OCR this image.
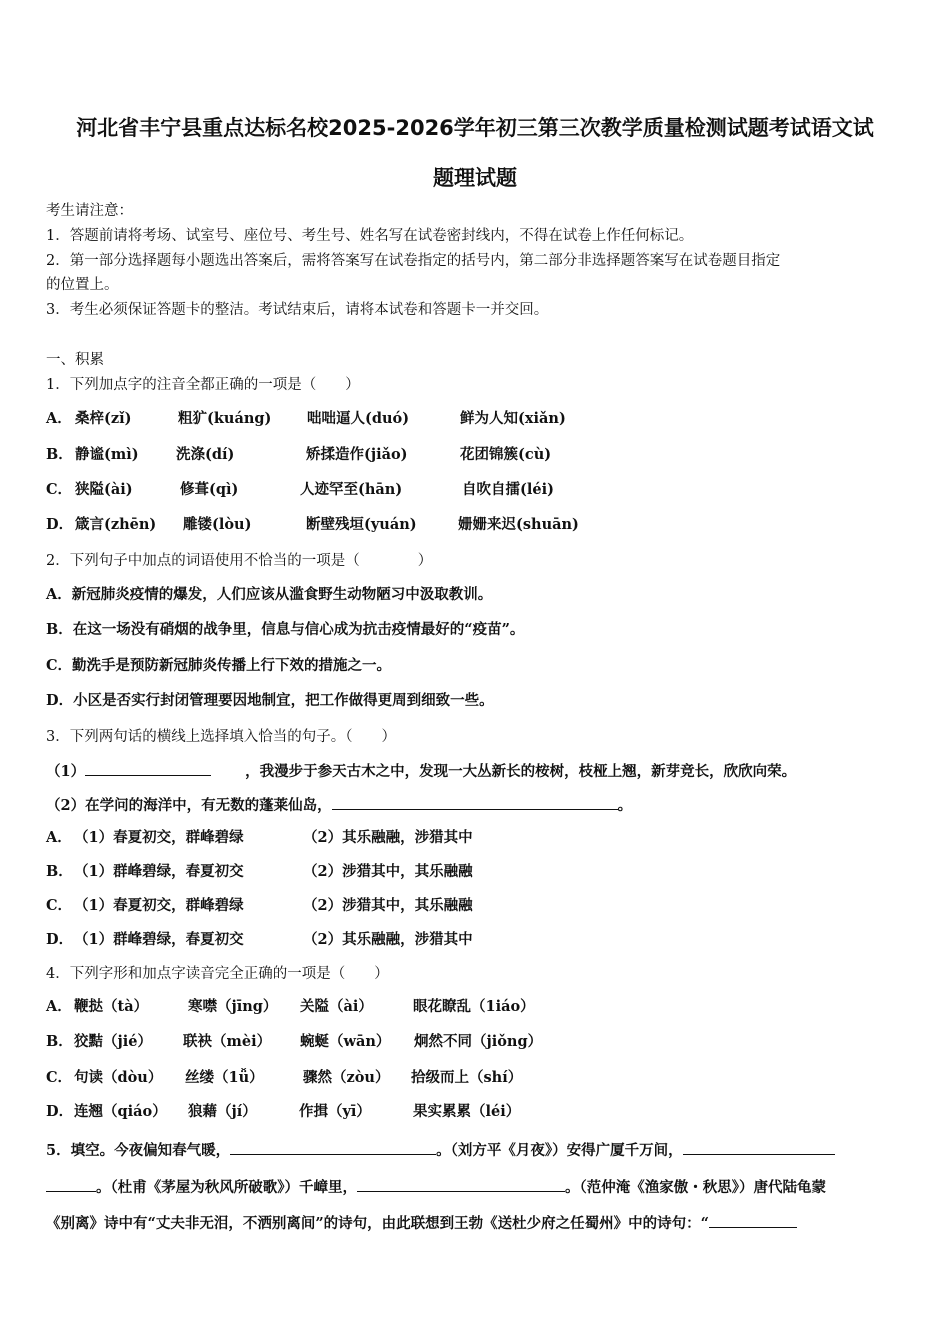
河北省丰宁县重点达标名校2025-2026学年初三第三次教学质量检测试题考试语文试
题理试题
考生请注意：
1．答题前请将考场、试室号、座位号、考生号、姓名写在试卷密封线内，不得在试卷上作任何标记。
2．第一部分选择题每小题选出答案后，需将答案写在试卷指定的括号内，第二部分非选择题答案写在试卷题目指定
的位置上。
3．考生必须保证答题卡的整洁。考试结束后，请将本试卷和答题卡一并交回。
一、积累
1．下列加点字的注音全都正确的一项是（　　）
A． 桑梓(zǐ)	粗犷(kuáng) 咄咄逼人(duó)	鲜为人知(xiǎn)
B． 静谧(mì)	洗涤(dí)	矫揉造作(jiǎo)	花团锦簇(cù)
C． 狭隘(ài)	修葺(qì)	人迹罕至(hān)	自吹自擂(léi)
D． 箴言(zhēn) 雕镂(lòu)	断壁残垣(yuán)	姗姗来迟(shuān)
2．下列句子中加点的词语使用不恰当的一项是（　　　　）
A．新冠肺炎疫情的爆发，人们应该从滥食野生动物陋习中汲取教训。
B．在这一场没有硝烟的战争里，信息与信心成为抗击疫情最好的“疫苗”。
C．勤洗手是预防新冠肺炎传播上行下效的措施之一。
D．小区是否实行封闭管理要因地制宜，把工作做得更周到细致一些。
3．下列两句话的横线上选择填入恰当的句子。（　　）
（1）	，我漫步于参天古木之中，发现一大丛新长的桉树，枝桠上翘，新芽竞长，欣欣向荣。
（2）在学问的海洋中，有无数的蓬莱仙岛，	。
A． （1）春夏初交，群峰碧绿	（2）其乐融融，涉猎其中
B． （1）群峰碧绿，春夏初交	（2）涉猎其中，其乐融融
C． （1）春夏初交，群峰碧绿	（2）涉猎其中，其乐融融
D． （1）群峰碧绿，春夏初交	（2）其乐融融，涉猎其中
4．下列字形和加点字读音完全正确的一项是（　　）
A． 鞭挞（tà）	寒噤（jīng） 关隘（ài）	眼花瞭乱（1iáo）
B． 狡黠（jié） 联袂（mèi） 蜿蜒（wān） 炯然不同（jiǒng）
C． 句读（dòu） 丝缕（1ǚ）	骤然（zòu） 拾级而上（shí）
D． 连翘（qiáo） 狼藉（jí）	作揖（yī）	果实累累（léi）
5．填空。今夜偏知春气暖，	。（刘方平《月夜》）安得广厦千万间，
。（杜甫《茅屋为秋风所破歌》）千嶂里，	。（范仲淹《渔家傲・秋思》）唐代陆龟蒙
《别离》诗中有“丈夫非无泪，不洒别离间”的诗句，由此联想到王勃《送杜少府之任蜀州》中的诗句：“
